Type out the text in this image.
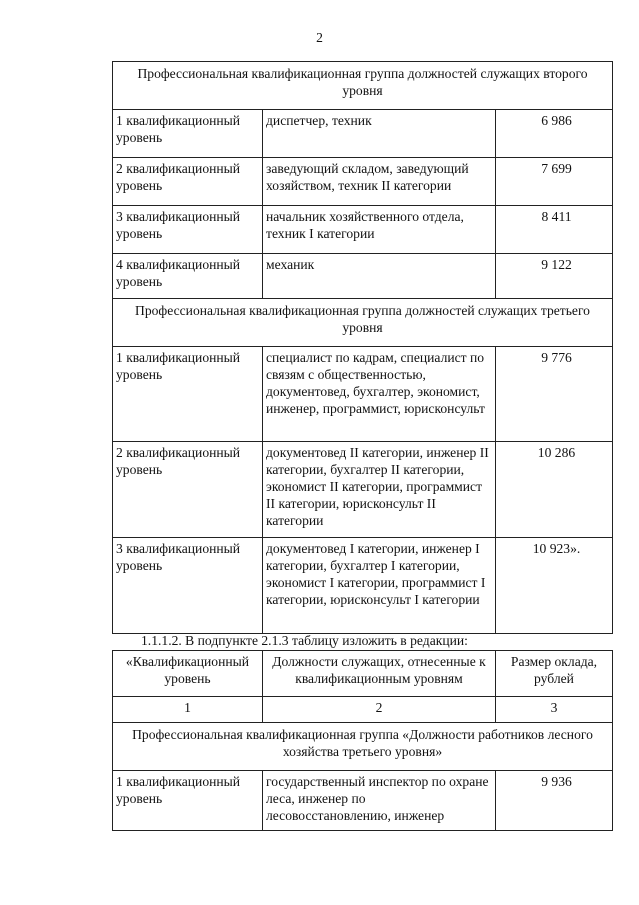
2
Профессиональная квалификационная группа должностей служащих второго уровня		
1 квалификационный уровень	диспетчер, техник	6 986
2 квалификационный уровень	заведующий складом, заведующий хозяйством, техник II категории	7 699
3 квалификационный уровень	начальник хозяйственного отдела, техник I категории	8 411
4 квалификационный уровень	механик	9 122
Профессиональная квалификационная группа должностей служащих третьего уровня		
1 квалификационный уровень	специалист по кадрам, специалист по связям с общественностью, документовед, бухгалтер, экономист, инженер, программист, юрисконсульт	9 776
2 квалификационный уровень	документовед II категории, инженер II категории, бухгалтер II категории, экономист II категории, программист II категории, юрисконсульт II категории	10 286
3 квалификационный уровень	документовед I категории, инженер I категории, бухгалтер I категории, экономист I категории, программист I категории, юрисконсульт I категории	10 923».
1.1.1.2. В подпункте 2.1.3 таблицу изложить в редакции:
«Квалификационный уровень	Должности служащих, отнесенные к квалификационным уровням	Размер оклада, рублей
1	2	3
Профессиональная квалификационная группа «Должности работников лесного хозяйства третьего уровня»		
1 квалификационный уровень	государственный инспектор по охране леса, инженер по лесовосстановлению, инженер	9 936
